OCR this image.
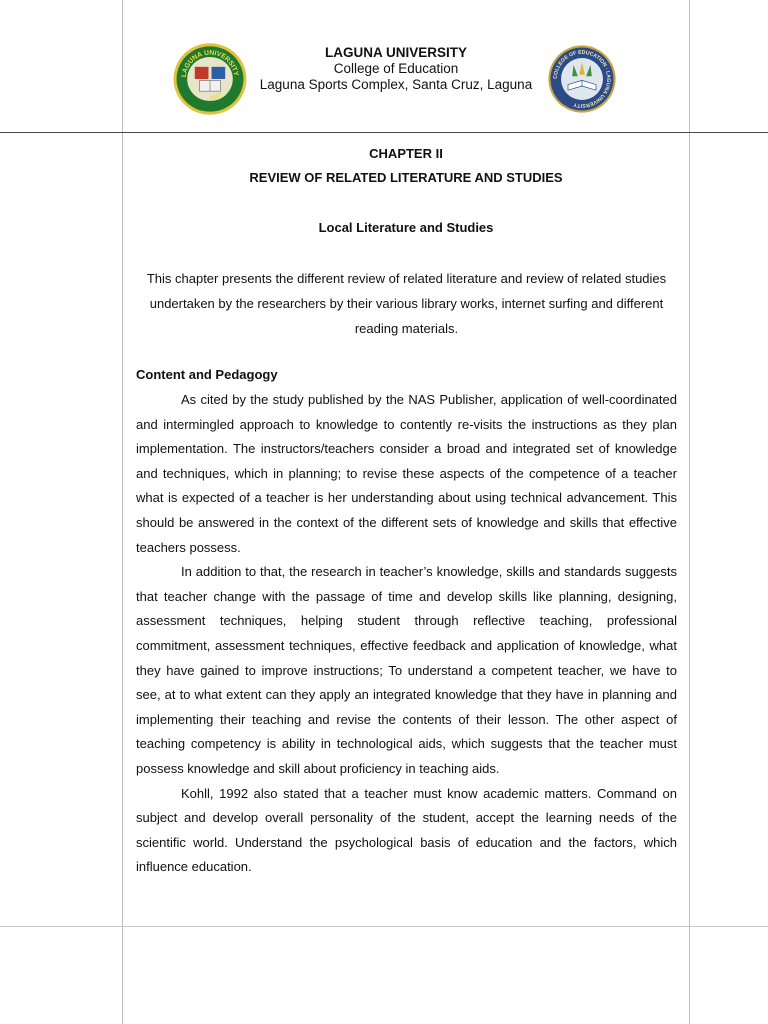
LAGUNA UNIVERSITY
2007
COLLEGE OF EDUCATION · LAGUNA UNIVERSITY
LAGUNA UNIVERSITY
College of Education
Laguna Sports Complex, Santa Cruz, Laguna
CHAPTER II
REVIEW OF RELATED LITERATURE AND STUDIES
Local Literature and Studies
This chapter presents the different review of related literature and review of related studies undertaken by the researchers by their various library works, internet surfing and different reading materials.
Content and Pedagogy

As cited by the study published by the NAS Publisher, application of well-coordinated and intermingled approach to knowledge to contently re-visits the instructions as they plan implementation. The instructors/teachers consider a broad and integrated set of knowledge and techniques, which in planning; to revise these aspects of the competence of a teacher what is expected of a teacher is her understanding about using technical advancement. This should be answered in the context of the different sets of knowledge and skills that effective teachers possess.

In addition to that, the research in teacher’s knowledge, skills and standards suggests that teacher change with the passage of time and develop skills like planning, designing, assessment techniques, helping student through reflective teaching, professional commitment, assessment techniques, effective feedback and application of knowledge, what they have gained to improve instructions; To understand a competent teacher, we have to see, at to what extent can they apply an integrated knowledge that they have in planning and implementing their teaching and revise the contents of their lesson. The other aspect of teaching competency is ability in technological aids, which suggests that the teacher must possess knowledge and skill about proficiency in teaching aids.

Kohll, 1992 also stated that a teacher must know academic matters. Command on subject and develop overall personality of the student, accept the learning needs of the scientific world. Understand the psychological basis of education and the factors, which influence education.
